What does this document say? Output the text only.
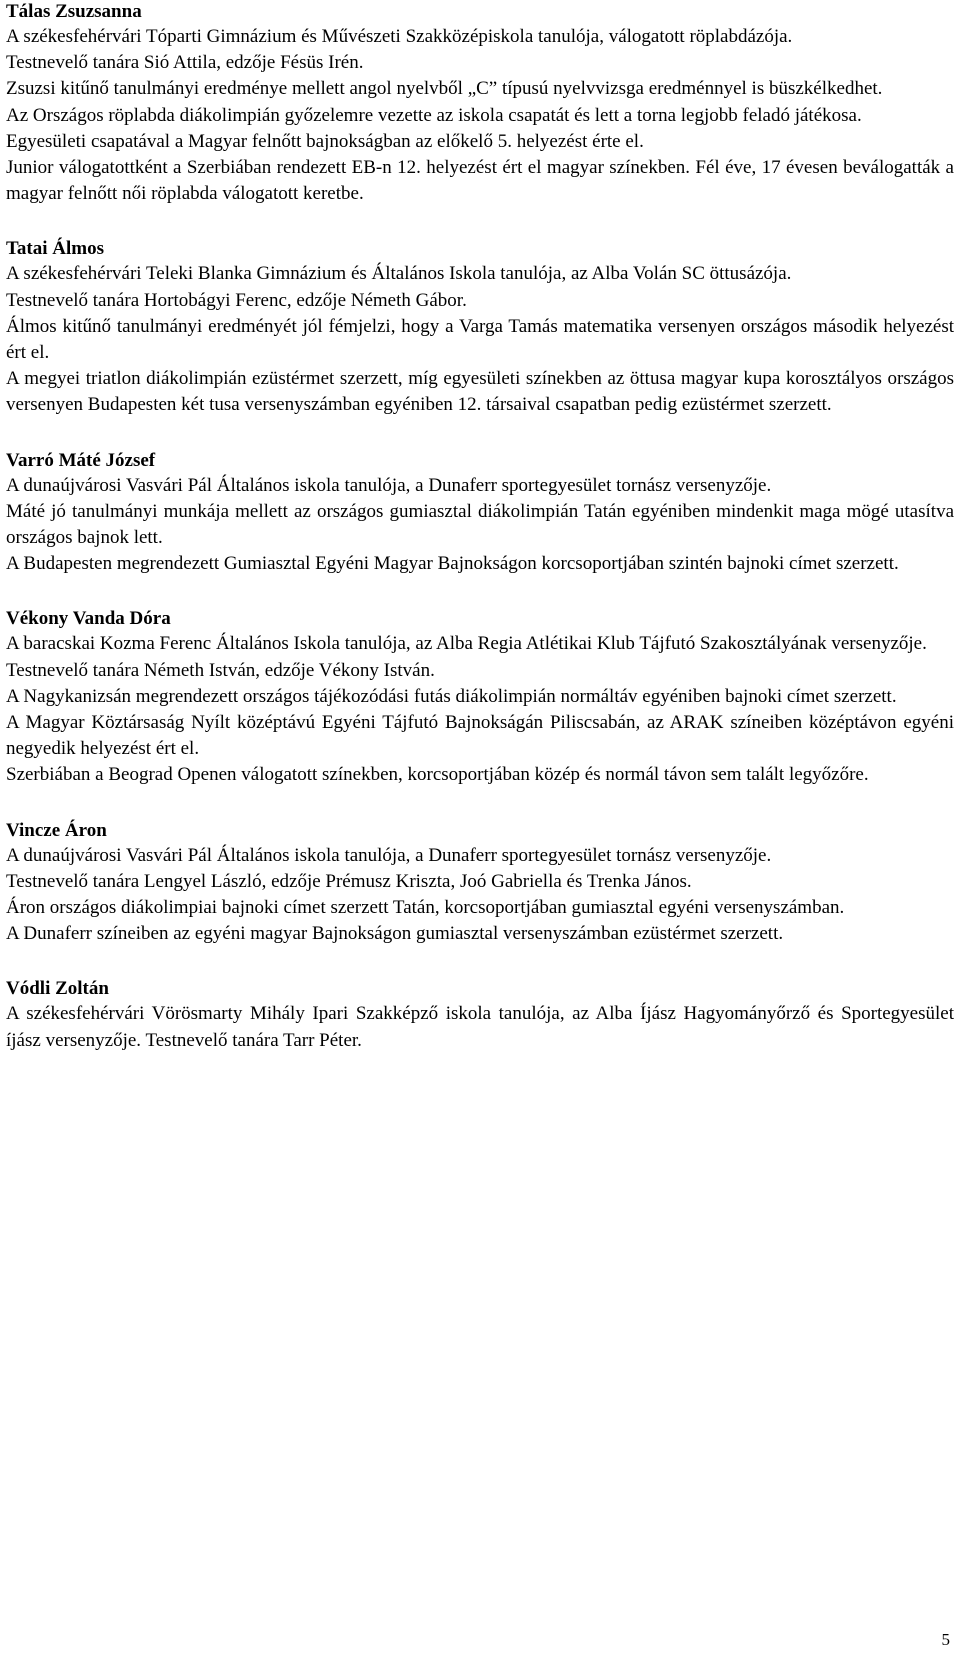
Tálas Zsuzsanna

A székesfehérvári Tóparti Gimnázium és Művészeti Szakközépiskola tanulója, válogatott röplabdázója.

Testnevelő tanára Sió Attila, edzője Fésüs Irén.

Zsuzsi kitűnő tanulmányi eredménye mellett angol nyelvből „C” típusú nyelvvizsga eredménnyel is büszkélkedhet.

Az Országos röplabda diákolimpián győzelemre vezette az iskola csapatát és lett a torna legjobb feladó játékosa.

Egyesületi csapatával a Magyar felnőtt bajnokságban az előkelő 5. helyezést érte el.

Junior válogatottként a Szerbiában rendezett EB-n 12. helyezést ért el magyar színekben. Fél éve, 17 évesen beválogatták a magyar felnőtt női röplabda válogatott keretbe.

Tatai Álmos

A székesfehérvári Teleki Blanka Gimnázium és Általános Iskola tanulója, az Alba Volán SC öttusázója.

Testnevelő tanára Hortobágyi Ferenc, edzője Németh Gábor.

Álmos kitűnő tanulmányi eredményét jól fémjelzi, hogy a Varga Tamás matematika versenyen országos második helyezést ért el.

A megyei triatlon diákolimpián ezüstérmet szerzett, míg egyesületi színekben az öttusa magyar kupa korosztályos országos versenyen Budapesten két tusa versenyszámban egyéniben 12. társaival csapatban pedig ezüstérmet szerzett.

Varró Máté József

A dunaújvárosi Vasvári Pál Általános iskola tanulója, a Dunaferr sportegyesület tornász versenyzője.

Máté jó tanulmányi munkája mellett az országos gumiasztal diákolimpián Tatán egyéniben mindenkit maga mögé utasítva országos bajnok lett.

A Budapesten megrendezett Gumiasztal Egyéni Magyar Bajnokságon korcsoportjában szintén bajnoki címet szerzett.

Vékony Vanda Dóra

A baracskai Kozma Ferenc Általános Iskola tanulója, az Alba Regia Atlétikai Klub Tájfutó Szakosztályának versenyzője.

Testnevelő tanára Németh István, edzője Vékony István.

A Nagykanizsán megrendezett országos tájékozódási futás diákolimpián normáltáv egyéniben bajnoki címet szerzett.

A Magyar Köztársaság Nyílt középtávú Egyéni Tájfutó Bajnokságán Piliscsabán, az ARAK színeiben középtávon egyéni negyedik helyezést ért el.

Szerbiában a Beograd Openen válogatott színekben, korcsoportjában közép és normál távon sem talált legyőzőre.

Vincze Áron

A dunaújvárosi Vasvári Pál Általános iskola tanulója, a Dunaferr sportegyesület tornász versenyzője.

Testnevelő tanára Lengyel László, edzője Prémusz Kriszta, Joó Gabriella és Trenka János.

Áron országos diákolimpiai bajnoki címet szerzett Tatán, korcsoportjában gumiasztal egyéni versenyszámban.

A Dunaferr színeiben az egyéni magyar Bajnokságon gumiasztal versenyszámban ezüstérmet szerzett.

Vódli Zoltán

A székesfehérvári Vörösmarty Mihály Ipari Szakképző iskola tanulója, az Alba Íjász Hagyományőrző és Sportegyesület íjász versenyzője. Testnevelő tanára Tarr Péter.

5
